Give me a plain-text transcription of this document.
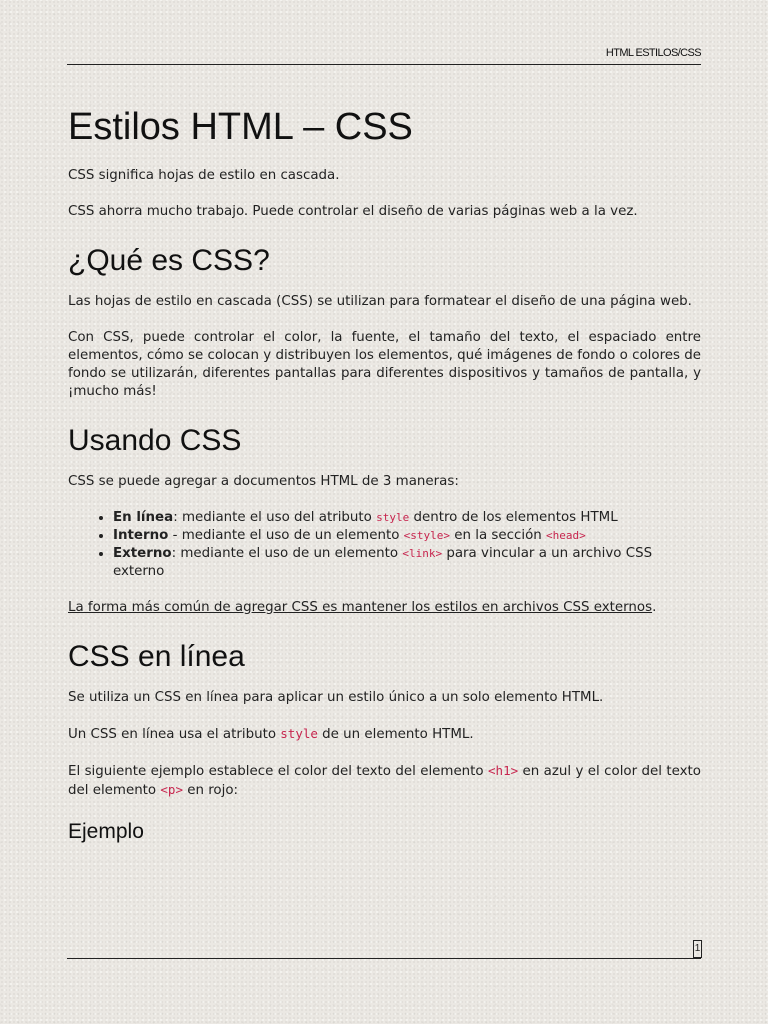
HTML ESTILOS/CSS
Estilos HTML – CSS

CSS significa hojas de estilo en cascada.

CSS ahorra mucho trabajo. Puede controlar el diseño de varias páginas web a la vez.

¿Qué es CSS?

Las hojas de estilo en cascada (CSS) se utilizan para formatear el diseño de una página web.

Con CSS, puede controlar el color, la fuente, el tamaño del texto, el espaciado entre elementos, cómo se colocan y distribuyen los elementos, qué imágenes de fondo o colores de fondo se utilizarán, diferentes pantallas para diferentes dispositivos y tamaños de pantalla, y ¡mucho más!

Usando CSS

CSS se puede agregar a documentos HTML de 3 maneras:

• En línea: mediante el uso del atributo style dentro de los elementos HTML
• Interno - mediante el uso de un elemento <style> en la sección <head>
• Externo: mediante el uso de un elemento <link> para vincular a un archivo CSS externo

La forma más común de agregar CSS es mantener los estilos en archivos CSS externos.

CSS en línea

Se utiliza un CSS en línea para aplicar un estilo único a un solo elemento HTML.

Un CSS en línea usa el atributo style de un elemento HTML.

El siguiente ejemplo establece el color del texto del elemento <h1> en azul y el color del texto del elemento <p> en rojo:

Ejemplo
1
